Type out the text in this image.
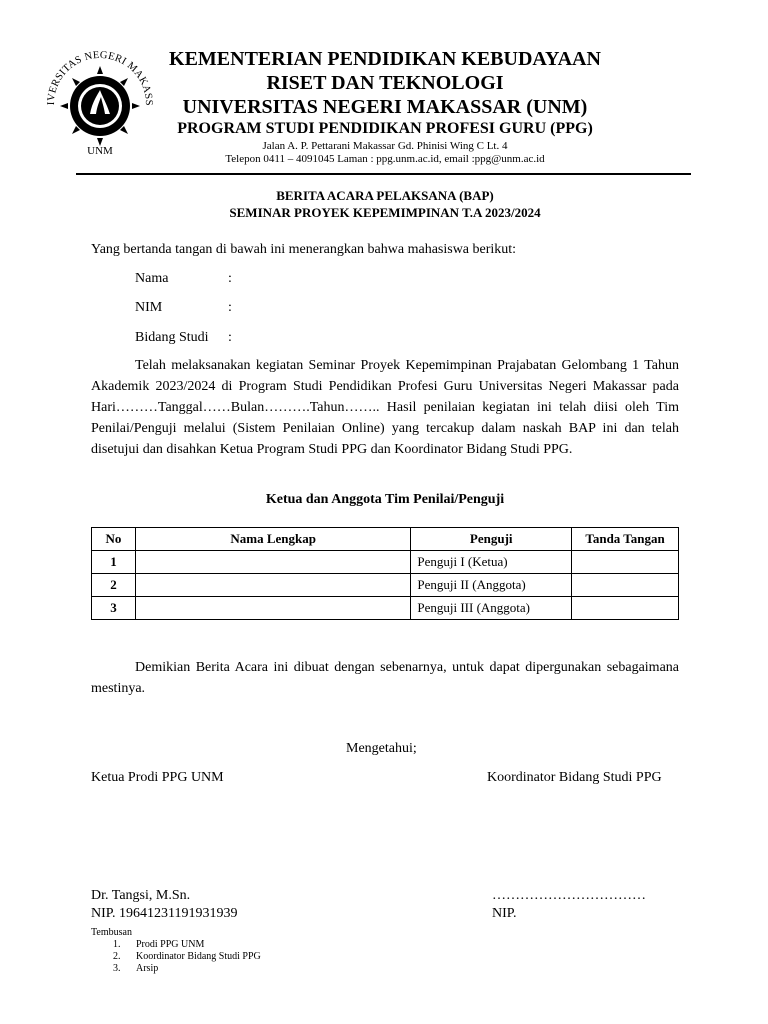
IVERSITAS NEGERI MAKASS
UNM
KEMENTERIAN PENDIDIKAN KEBUDAYAAN
RISET DAN TEKNOLOGI
UNIVERSITAS NEGERI MAKASSAR (UNM)
PROGRAM STUDI PENDIDIKAN PROFESI GURU (PPG)
Jalan A. P. Pettarani Makassar Gd. Phinisi Wing C Lt. 4
Telepon 0411 – 4091045 Laman : ppg.unm.ac.id, email :ppg@unm.ac.id
BERITA ACARA PELAKSANA (BAP)
SEMINAR PROYEK KEPEMIMPINAN T.A 2023/2024
Yang bertanda tangan di bawah ini menerangkan bahwa mahasiswa berikut:
Nama	:
NIM	:
Bidang Studi :
Telah melaksanakan kegiatan Seminar Proyek Kepemimpinan Prajabatan Gelombang 1 Tahun Akademik 2023/2024 di Program Studi Pendidikan Profesi Guru Universitas Negeri Makassar pada Hari………Tanggal……Bulan……….Tahun…….. Hasil penilaian kegiatan ini telah diisi oleh Tim Penilai/Penguji melalui (Sistem Penilaian Online) yang tercakup dalam naskah BAP ini dan telah disetujui dan disahkan Ketua Program Studi PPG dan Koordinator Bidang Studi PPG.
Ketua dan Anggota Tim Penilai/Penguji
No	Nama Lengkap	Penguji	Tanda Tangan
1		Penguji I (Ketua)	
2		Penguji II (Anggota)	
3		Penguji III (Anggota)	
Demikian Berita Acara ini dibuat dengan sebenarnya, untuk dapat dipergunakan sebagaimana mestinya.
Mengetahui;
Ketua Prodi PPG UNM	Koordinator Bidang Studi PPG
Dr. Tangsi, M.Sn.
NIP. 19641231191931939
……………………………
NIP.
Tembusan
1. Prodi PPG UNM
2. Koordinator Bidang Studi PPG
3. Arsip
